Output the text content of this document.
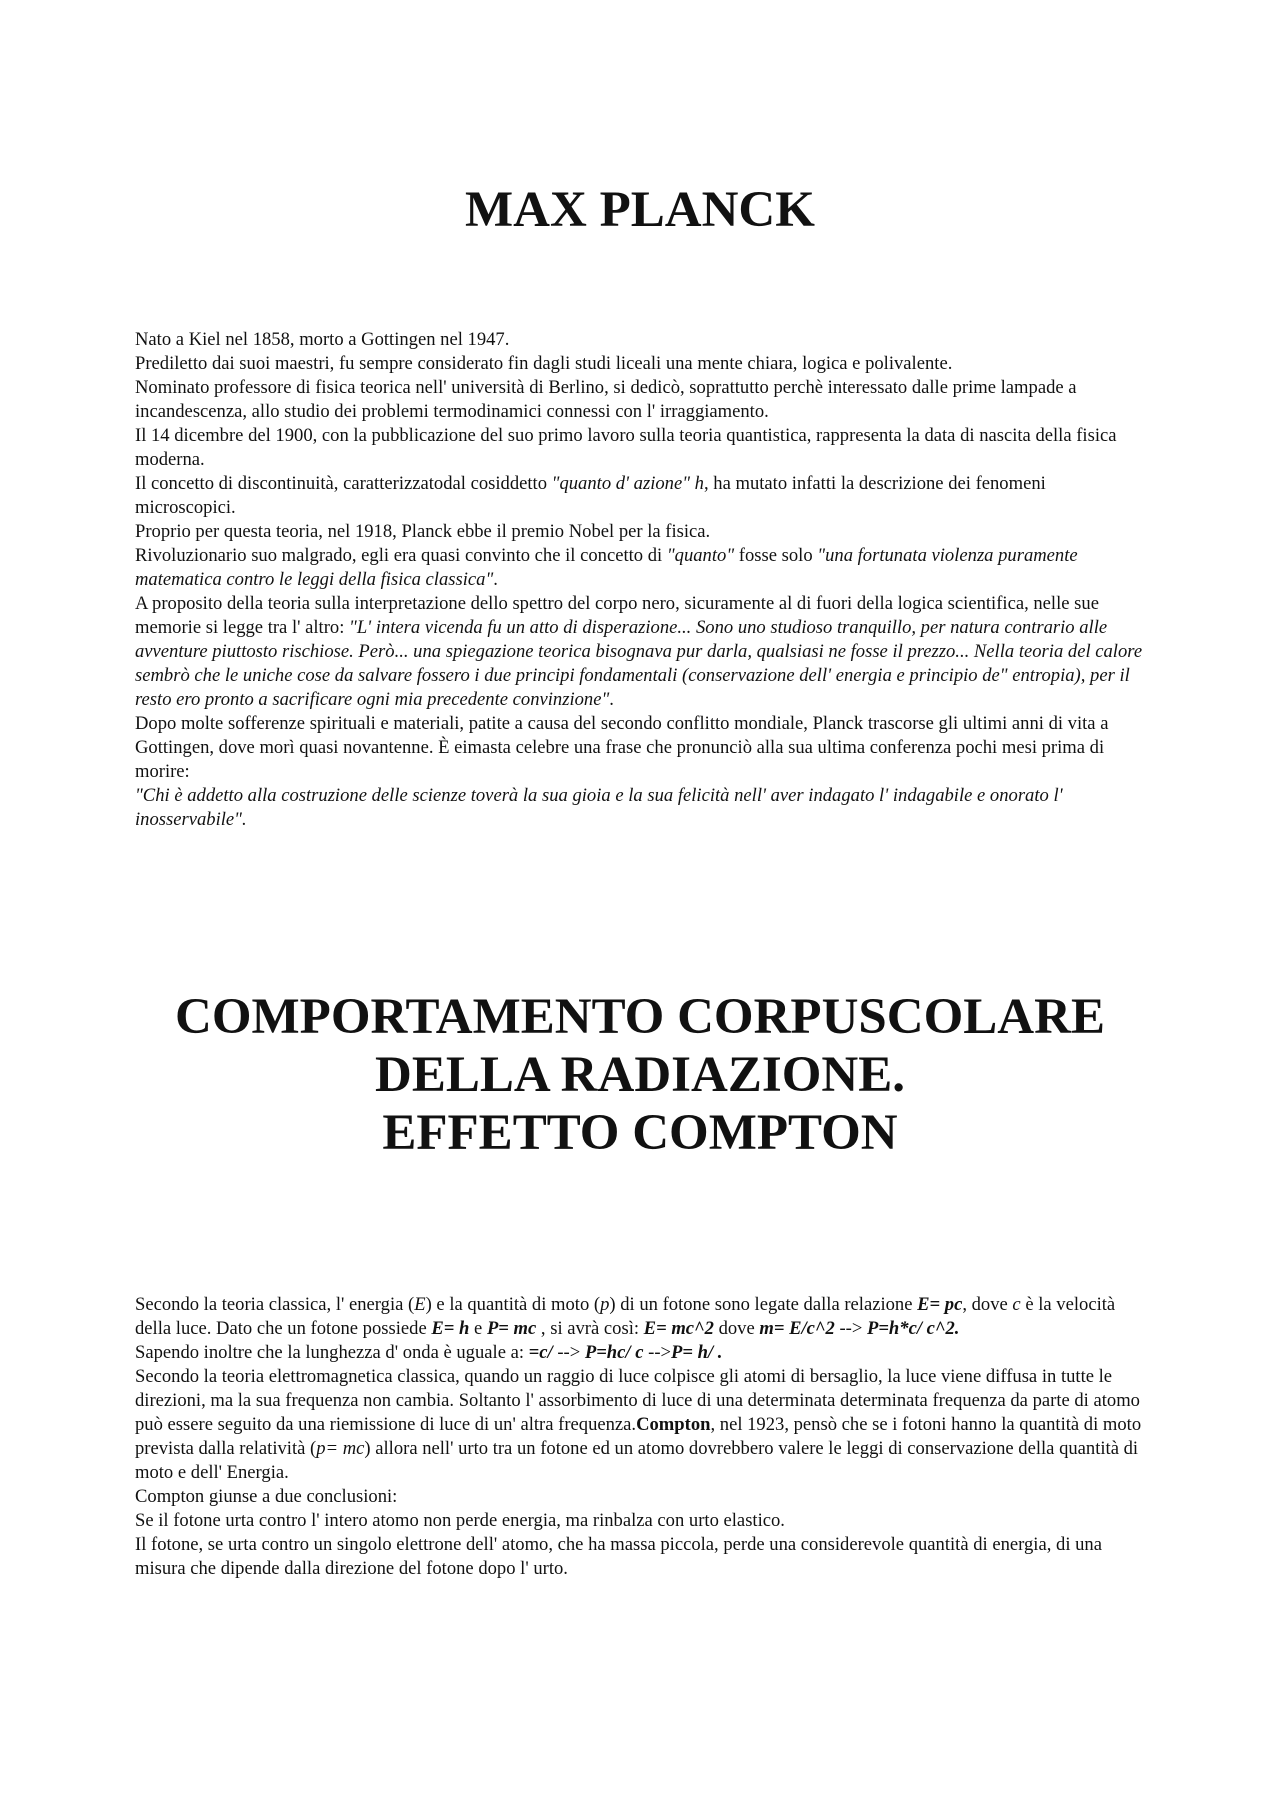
MAX PLANCK

Nato a Kiel nel 1858, morto a Gottingen nel 1947.

Prediletto dai suoi maestri, fu sempre considerato fin dagli studi liceali una mente chiara, logica e polivalente.

Nominato professore di fisica teorica nell' università di Berlino, si dedicò, soprattutto perchè interessato dalle prime lampade a incandescenza, allo studio dei problemi termodinamici connessi con l' irraggiamento.

Il 14 dicembre del 1900, con la pubblicazione del suo primo lavoro sulla teoria quantistica, rappresenta la data di nascita della fisica moderna.

Il concetto di discontinuità, caratterizzatodal cosiddetto "quanto d' azione" h, ha mutato infatti la descrizione dei fenomeni microscopici.

Proprio per questa teoria, nel 1918, Planck ebbe il premio Nobel per la fisica.

Rivoluzionario suo malgrado, egli era quasi convinto che il concetto di "quanto" fosse solo "una fortunata violenza puramente matematica contro le leggi della fisica classica".

A proposito della teoria sulla interpretazione dello spettro del corpo nero, sicuramente al di fuori della logica scientifica, nelle sue memorie si legge tra l' altro: "L' intera vicenda fu un atto di disperazione... Sono uno studioso tranquillo, per natura contrario alle avventure piuttosto rischiose. Però... una spiegazione teorica bisognava pur darla, qualsiasi ne fosse il prezzo... Nella teoria del calore sembrò che le uniche cose da salvare fossero i due principi fondamentali (conservazione dell' energia e principio de" entropia), per il resto ero pronto a sacrificare ogni mia precedente convinzione".

Dopo molte sofferenze spirituali e materiali, patite a causa del secondo conflitto mondiale, Planck trascorse gli ultimi anni di vita a Gottingen, dove morì quasi novantenne. È eimasta celebre una frase che pronunciò alla sua ultima conferenza pochi mesi prima di morire:

"Chi è addetto alla costruzione delle scienze toverà la sua gioia e la sua felicità nell' aver indagato l' indagabile e onorato l' inosservabile".

COMPORTAMENTO CORPUSCOLARE
DELLA RADIAZIONE.
EFFETTO COMPTON

Secondo la teoria classica, l' energia (E) e la quantità di moto (p) di un fotone sono legate dalla relazione E= pc, dove c è la velocità della luce. Dato che un fotone possiede E= h e P= mc , si avrà così: E= mc^2 dove m= E/c^2 --> P=h*c/ c^2.

Sapendo inoltre che la lunghezza d' onda è uguale a: =c/ --> P=hc/ c -->P= h/ .

Secondo la teoria elettromagnetica classica, quando un raggio di luce colpisce gli atomi di bersaglio, la luce viene diffusa in tutte le direzioni, ma la sua frequenza non cambia. Soltanto l' assorbimento di luce di una determinata determinata frequenza da parte di atomo può essere seguito da una riemissione di luce di un' altra frequenza.Compton, nel 1923, pensò che se i fotoni hanno la quantità di moto prevista dalla relatività (p= mc) allora nell' urto tra un fotone ed un atomo dovrebbero valere le leggi di conservazione della quantità di moto e dell' Energia.

Compton giunse a due conclusioni:

Se il fotone urta contro l' intero atomo non perde energia, ma rinbalza con urto elastico.

Il fotone, se urta contro un singolo elettrone dell' atomo, che ha massa piccola, perde una considerevole quantità di energia, di una misura che dipende dalla direzione del fotone dopo l' urto.
